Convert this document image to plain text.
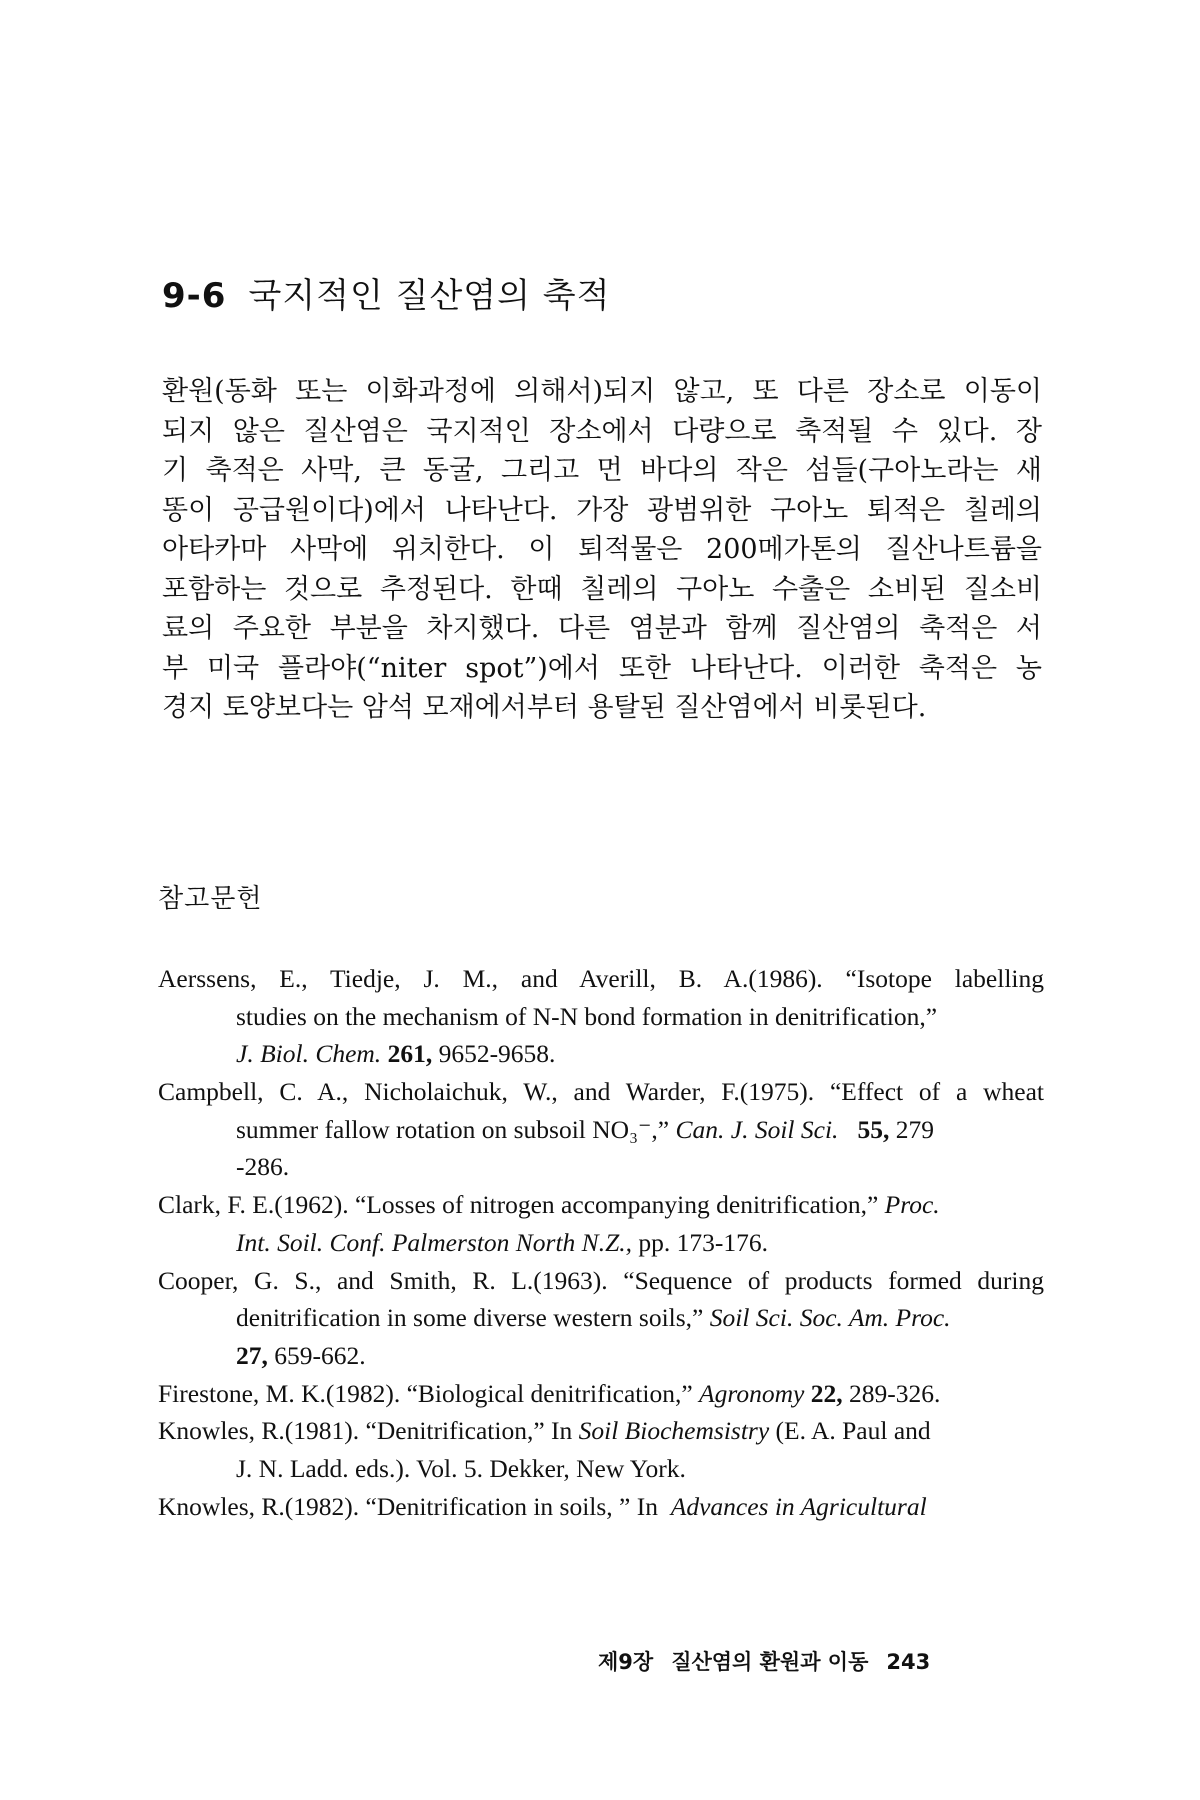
9-6 국지적인 질산염의 축적
환원(동화 또는 이화과정에 의해서)되지 않고, 또 다른 장소로 이동이
되지 않은 질산염은 국지적인 장소에서 다량으로 축적될 수 있다. 장
기 축적은 사막, 큰 동굴, 그리고 먼 바다의 작은 섬들(구아노라는 새
똥이 공급원이다)에서 나타난다. 가장 광범위한 구아노 퇴적은 칠레의
아타카마 사막에 위치한다. 이 퇴적물은 200메가톤의 질산나트륨을
포함하는 것으로 추정된다. 한때 칠레의 구아노 수출은 소비된 질소비
료의 주요한 부분을 차지했다. 다른 염분과 함께 질산염의 축적은 서
부 미국 플라야(“niter spot”)에서 또한 나타난다. 이러한 축적은 농
경지 토양보다는 암석 모재에서부터 용탈된 질산염에서 비롯된다.
참고문헌
Aerssens, E., Tiedje, J. M., and Averill, B. A.(1986). “Isotope labelling
studies on the mechanism of N-N bond formation in denitrification,”
J. Biol. Chem. 261, 9652-9658.
Campbell, C. A., Nicholaichuk, W., and Warder, F.(1975). “Effect of a wheat
summer fallow rotation on subsoil NO₃⁻,” Can. J. Soil Sci. 55, 279
-286.
Clark, F. E.(1962). “Losses of nitrogen accompanying denitrification,” Proc.
Int. Soil. Conf. Palmerston North N.Z., pp. 173-176.
Cooper, G. S., and Smith, R. L.(1963). “Sequence of products formed during
denitrification in some diverse western soils,” Soil Sci. Soc. Am. Proc.
27, 659-662.
Firestone, M. K.(1982). “Biological denitrification,” Agronomy 22, 289-326.
Knowles, R.(1981). “Denitrification,” In Soil Biochemsistry (E. A. Paul and
J. N. Ladd. eds.). Vol. 5. Dekker, New York.
Knowles, R.(1982). “Denitrification in soils, ” In Advances in Agricultural
제9장 질산염의 환원과 이동 243
